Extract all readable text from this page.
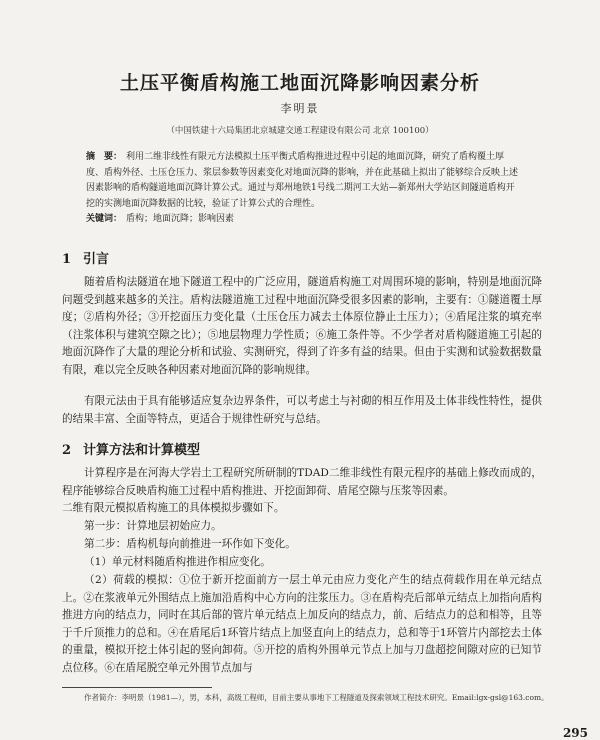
土压平衡盾构施工地面沉降影响因素分析
李明景
（中国铁建十六局集团北京城建交通工程建设有限公司 北京 100100）
摘　要： 利用二维非线性有限元方法模拟土压平衡式盾构推进过程中引起的地面沉降，研究了盾构覆土厚度、盾构外径、土压仓压力、浆层参数等因素变化对地面沉降的影响，并在此基础上拟出了能够综合反映上述因素影响的盾构隧道地面沉降计算公式。通过与郑州地铁1号线二期河工大站—新郑州大学站区间隧道盾构开挖的实测地面沉降数据的比较，验证了计算公式的合理性。
关键词： 盾构；地面沉降；影响因素
1 引言
随着盾构法隧道在地下隧道工程中的广泛应用，隧道盾构施工对周围环境的影响，特别是地面沉降问题受到越来越多的关注。盾构法隧道施工过程中地面沉降受很多因素的影响，主要有：①隧道覆土厚度；②盾构外径；③开挖面压力变化量（土压仓压力减去土体原位静止土压力）；④盾尾注浆的填充率（注浆体积与建筑空隙之比）；⑤地层物理力学性质；⑥施工条件等。不少学者对盾构隧道施工引起的地面沉降作了大量的理论分析和试验、实测研究，得到了许多有益的结果。但由于实测和试验数据数量有限，难以完全反映各种因素对地面沉降的影响规律。
有限元法由于具有能够适应复杂边界条件，可以考虑土与衬砌的相互作用及土体非线性特性，提供的结果丰富、全面等特点，更适合于规律性研究与总结。
2 计算方法和计算模型
计算程序是在河海大学岩土工程研究所研制的TDAD二维非线性有限元程序的基础上修改而成的，程序能够综合反映盾构施工过程中盾构推进、开挖面卸荷、盾尾空隙与压浆等因素。
二维有限元模拟盾构施工的具体模拟步骤如下。
第一步：计算地层初始应力。
第二步：盾构机每向前推进一环作如下变化。
（1）单元材料随盾构推进作相应变化。
（2）荷载的模拟：①位于新开挖面前方一层土单元由应力变化产生的结点荷载作用在单元结点上。②在浆液单元外围结点上施加沿盾构中心方向的注浆压力。③在盾构壳后部单元结点上加指向盾构推进方向的结点力，同时在其后部的管片单元结点上加反向的结点力，前、后结点力的总和相等，且等于千斤顶推力的总和。④在盾尾后1环管片结点上加竖直向上的结点力，总和等于1环管片内部挖去土体的重量，模拟开挖土体引起的竖向卸荷。⑤开挖的盾构外围单元节点上加与刀盘超挖间隙对应的已知节点位移。⑥在盾尾脱空单元外围节点加与
作者简介：李明景（1981—），男，本科，高级工程师，目前主要从事地下工程隧道及探索领域工程技术研究。Email:lgx-gsl@163.com。
295
